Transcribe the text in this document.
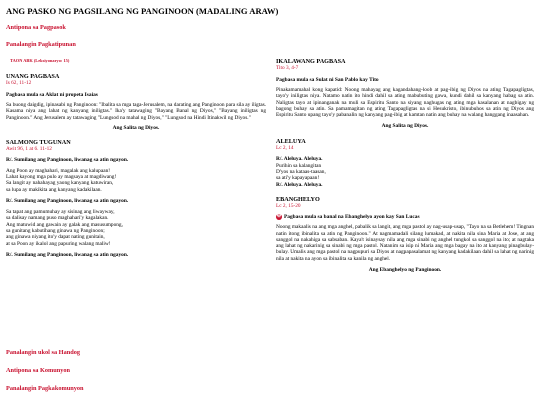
ANG PASKO NG PAGSILANG NG PANGINOON (MADALING ARAW)
Antipona sa Pagpasok
Panalangin Pagkatipunan
TAON ABK (Leksiyonaryo: 15)
UNANG PAGBASA
Is 62, 11-12
Pagbasa mula sa Aklat ni propeta Isaias
Sa buong daigdig, ipinasabi ng Panginoon: "Ibalita sa mga taga-Jerusalem, na darating ang Panginoon para sila ay iligtas. Kasama niya ang lahat ng kanyang iniligtas." Ika'y tatawaging "Bayang Banal ng Diyos," "Bayang iniligtas ng Panginoon." Ang Jerusalem ay tatawaging "Lungsod na mahal ng Diyos," "Lungsod na Hindi Itinakwil ng Diyos."
Ang Salita ng Diyos.
SALMONG TUGUNAN
Awit 96, 1 at 6. 11-12
R/. Sumilang ang Panginoon, liwanag sa atin ngayon.
Ang Poon ay maghahari, magalak ang kalupaan!
Lahat kayong mga pulo ay magsaya at magdiwang!
Sa langit ay nahahayag yaong kanyang katuwiran,
sa lupa ay makikita ang kanyang kadakilaan.
R/. Sumilang ang Panginoon, liwanag sa atin ngayon.
Sa tapat ang pamumuhay ay sisinag ang liwayway,
sa dalisay namang puso maghahari'y kagalakan.
Ang matuwid ang gawain ay galak ang masusumpong,
sa gunitang kabutihang ginawa ng Panginoon;
ang ginawa niyang ito'y dapat nating gunitain,
at sa Poon ay ikalol ang papuring walang maliw!
R/. Sumilang ang Panginoon, liwanag sa atin ngayon.
Panalangin ukol sa Handog
Antipona sa Komunyon
Panalangin Pagkakomunyon
IKALAWANG PAGBASA
Tito 3, 4-7
Pagbasa mula sa Sulat ni San Pablo kay Tito
Pinakamamahal kong kapatid: Noong mahayag ang kagandahang-loob at pag-ibig ng Diyos na ating Tagapagligtas, tayo'y iniligtas niya. Natamo natin ito hindi dahil sa ating mabubuting gawa, kundi dahil sa kanyang habag sa atin. Naligtas tayo at ipinanganak na muli sa Espiritu Santo na siyang naghugas ng ating mga kasalanan at nagbigay ng bagong buhay sa atin. Sa pamamagitan ng ating Tagapagligtas na si Hesukristo, ibinubuhos sa atin ng Diyos ang Espiritu Santo upang tayo'y pabanalin ng kanyang pag-ibig at kamtan natin ang buhay na walang hanggang inaasahan.
Ang Salita ng Diyos.
ALELUYA
Lc 2, 14
R/. Aleluya. Aleluya.
Purihin sa kalangitan
D'yos na kataas-taasan,
sa ati'y kapayapaan!
R/. Aleluya. Aleluya.
EBANGHELYO
Lc 2, 15-20
✠ Pagbasa mula sa banal na Ebanghelyo ayon kay San Lucas
Noong makaalis na ang mga anghel, pabalik sa langit, ang mga pastol ay nag-usap-usap, "Tayo na sa Betlehem! Tingnan natin itong ibinalita sa atin ng Panginoon." At nagmamadali silang lumakad, at nakita nila sina Maria at Jose, at ang sanggol na nakahiga sa sabsaban. Kaya't isinaysay nila ang mga sinabi ng anghel tungkol sa sanggol na ito; at nagtaka ang lahat ng nakarinig sa sinabi ng mga pastol. Natanim sa isip ni Maria ang mga bagay na ito at kanyang pinagbulay-bulay. Umalis ang mga pastol na nagpupuri sa Diyos at nagpapasalamat ng kanyang kadakilaan dahil sa lahat ng narinig nila at nakita na ayon sa ibinalita sa kanila ng anghel.
Ang Ebanghelyo ng Panginoon.
